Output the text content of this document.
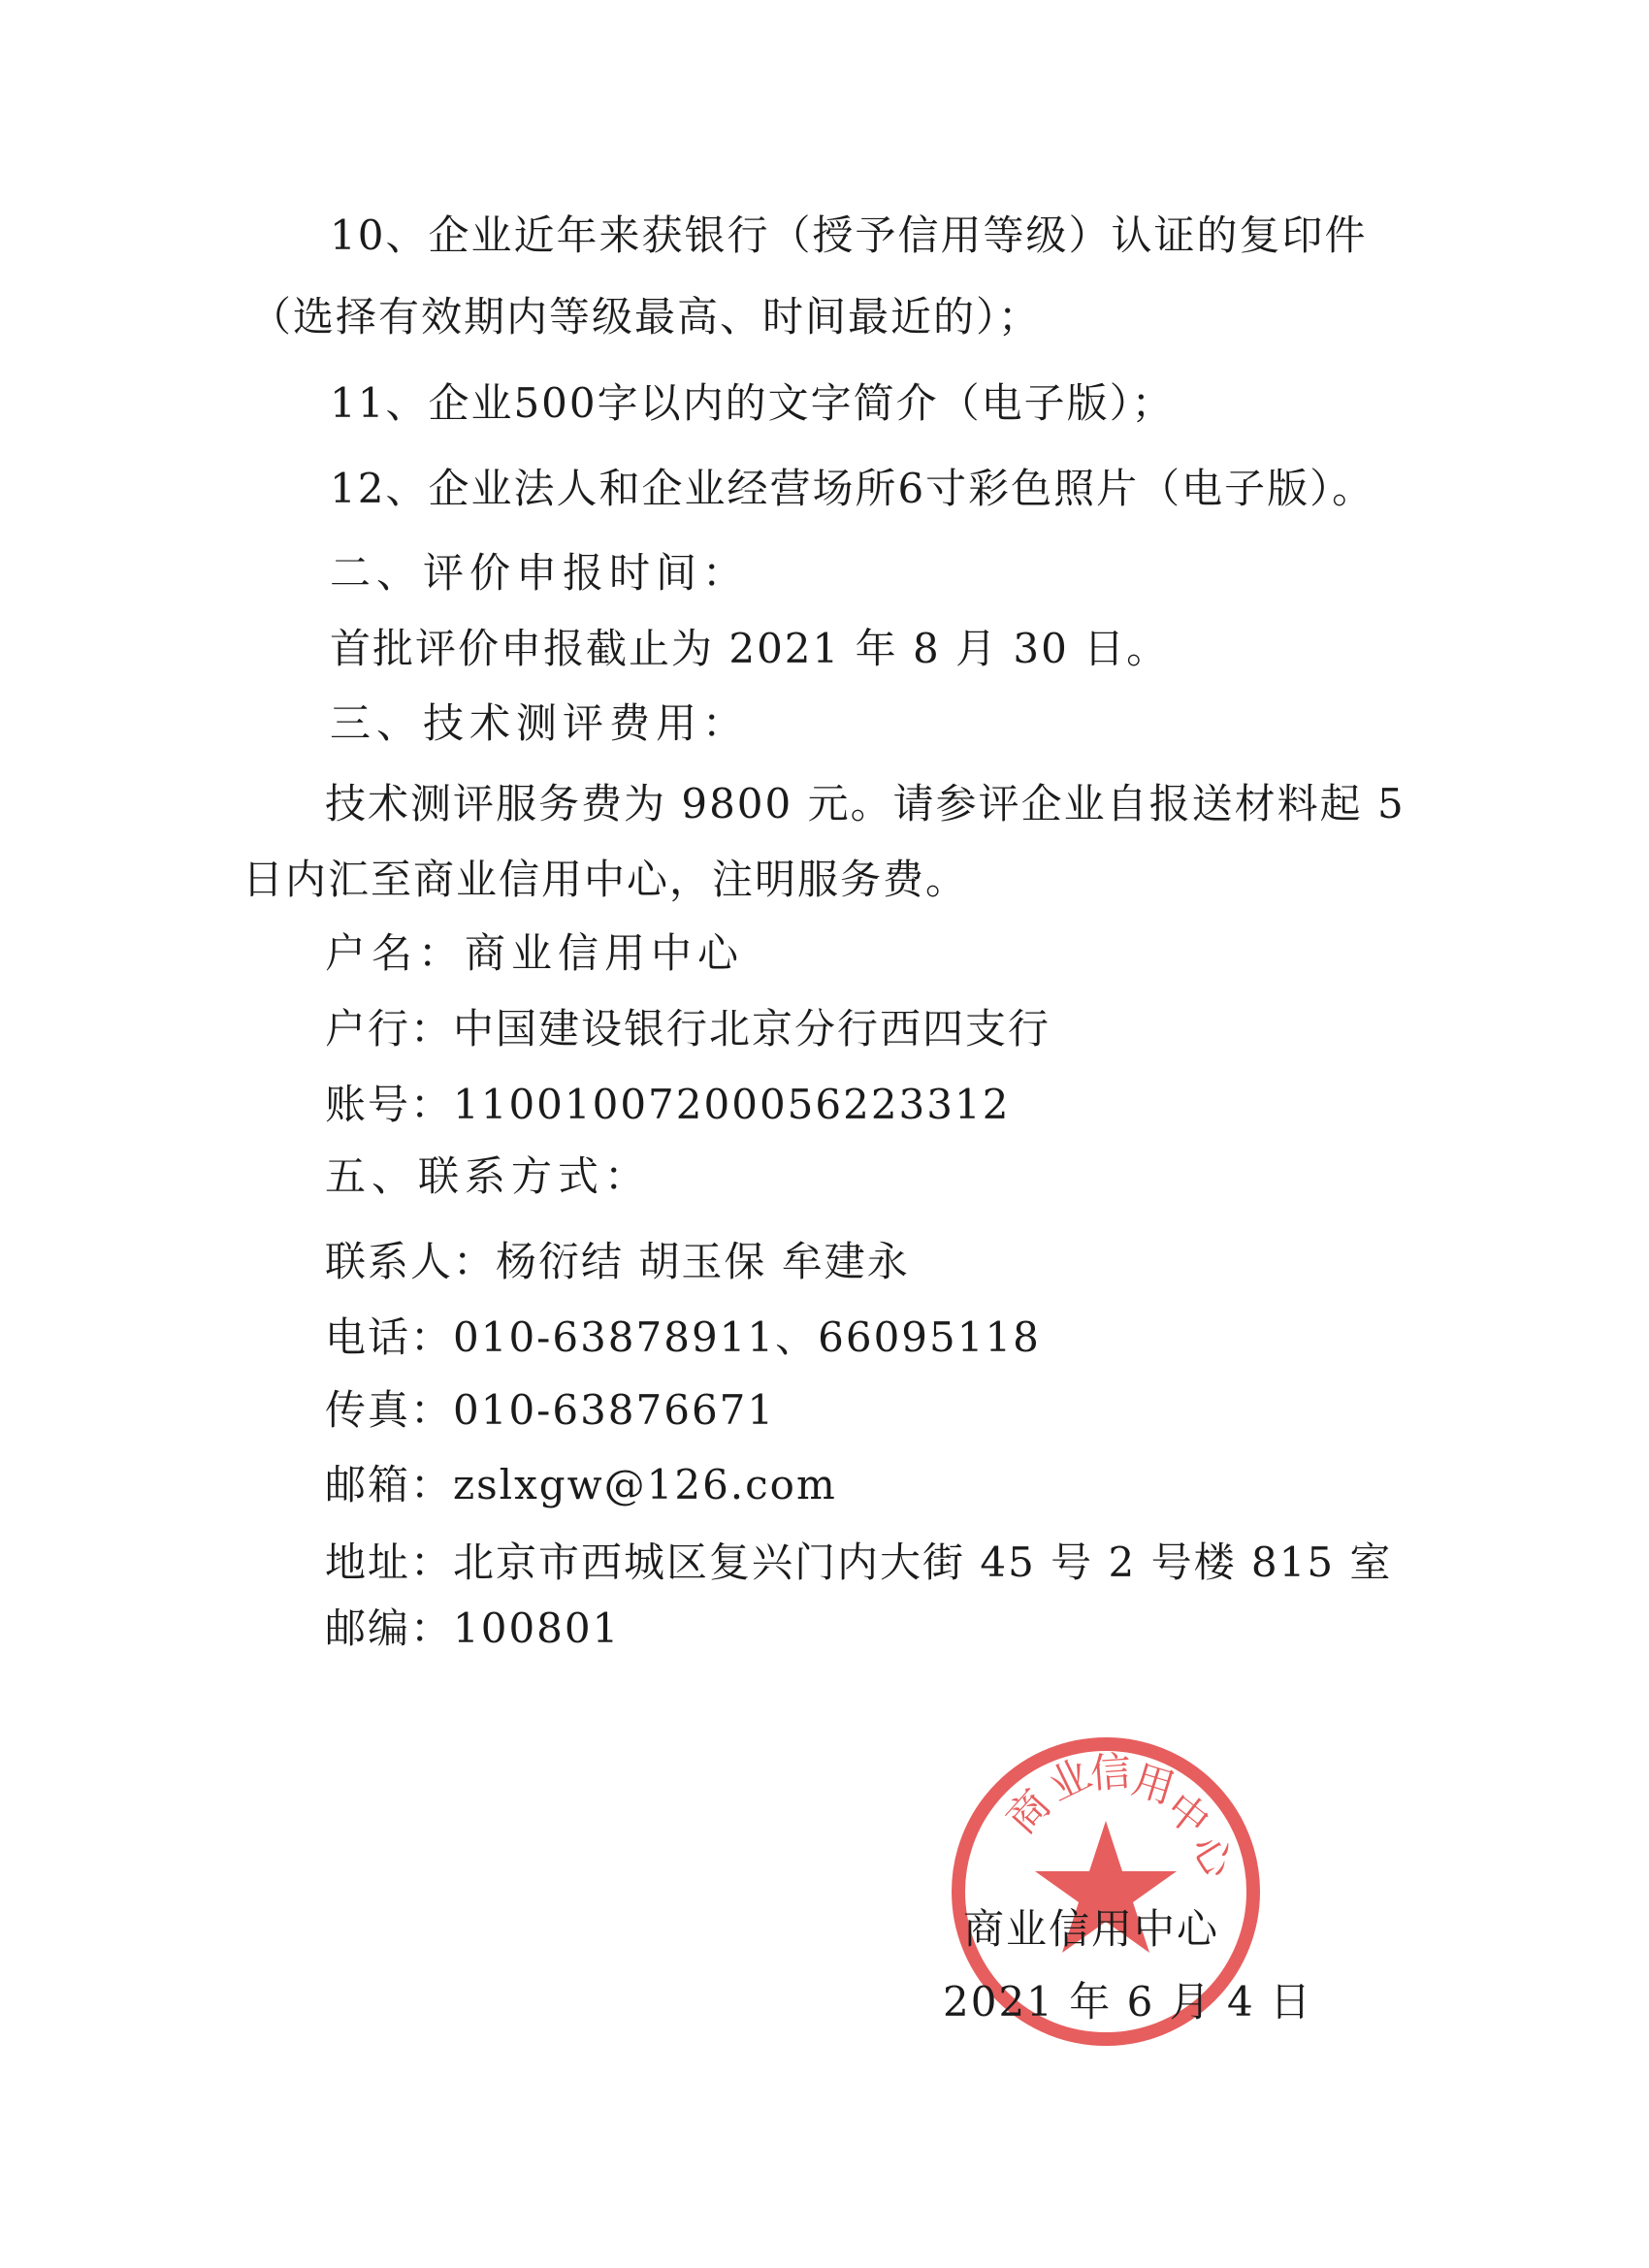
10、企业近年来获银行（授予信用等级）认证的复印件
（选择有效期内等级最高、时间最近的）；
11、企业500字以内的文字简介（电子版）；
12、企业法人和企业经营场所6寸彩色照片（电子版）。
二、评价申报时间：
首批评价申报截止为 2021 年 8 月 30 日。
三、技术测评费用：
技术测评服务费为 9800 元。请参评企业自报送材料起 5
日内汇至商业信用中心，注明服务费。
户名：商业信用中心
户行：中国建设银行北京分行西四支行
账号：11001007200056223312
五、联系方式：
联系人：杨衍结 胡玉保 牟建永
电话：010-63878911、66095118
传真：010-63876671
邮箱：zslxgw@126.com
地址：北京市西城区复兴门内大街 45 号 2 号楼 815 室
邮编：100801
商
业
信
用
中
心
商业信用中心
2021 年 6 月 4 日
